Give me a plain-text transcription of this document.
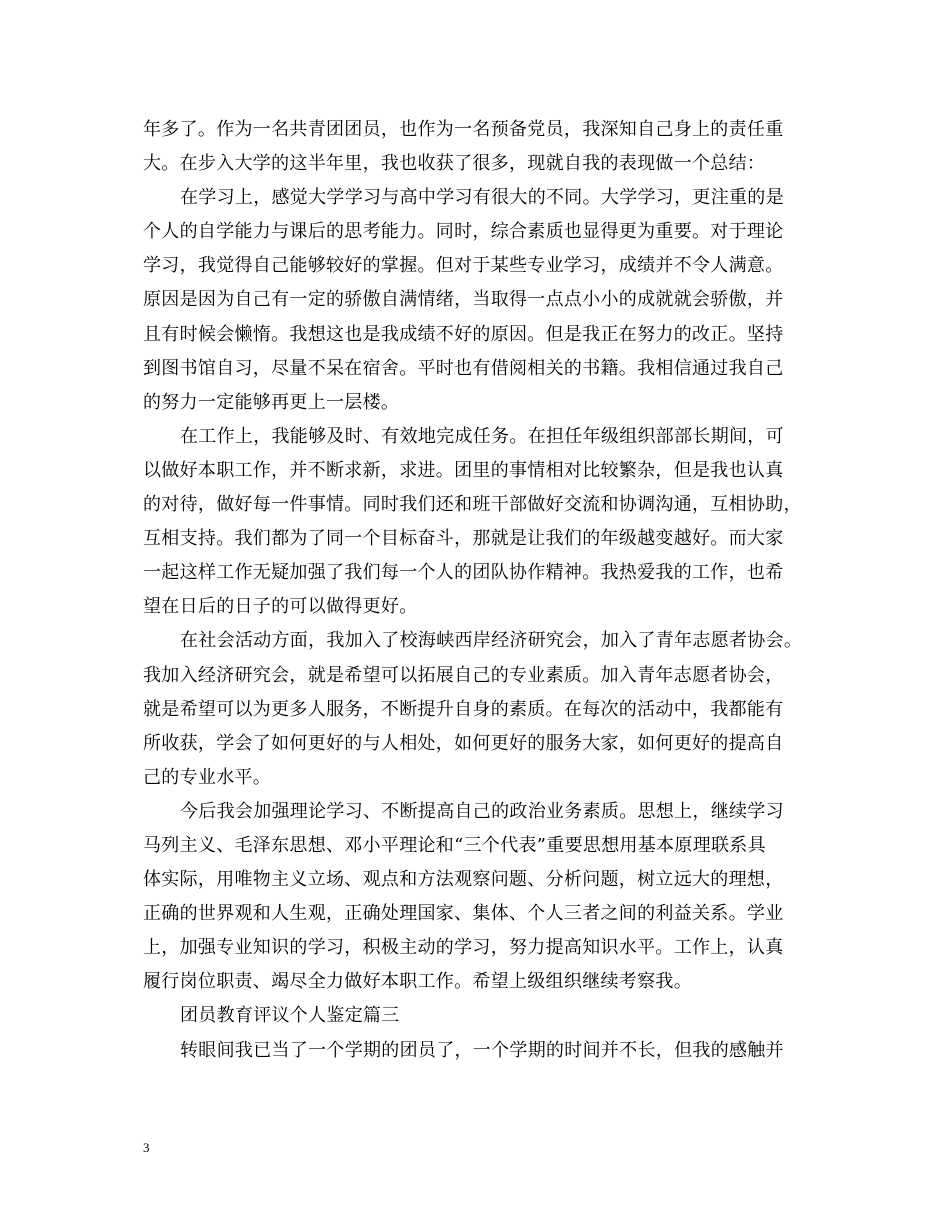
年多了。作为一名共青团团员，也作为一名预备党员，我深知自己身上的责任重
大。在步入大学的这半年里，我也收获了很多，现就自我的表现做一个总结：
在学习上，感觉大学学习与高中学习有很大的不同。大学学习，更注重的是
个人的自学能力与课后的思考能力。同时，综合素质也显得更为重要。对于理论
学习，我觉得自己能够较好的掌握。但对于某些专业学习，成绩并不令人满意。
原因是因为自己有一定的骄傲自满情绪，当取得一点点小小的成就就会骄傲，并
且有时候会懒惰。我想这也是我成绩不好的原因。但是我正在努力的改正。坚持
到图书馆自习，尽量不呆在宿舍。平时也有借阅相关的书籍。我相信通过我自己
的努力一定能够再更上一层楼。
在工作上，我能够及时、有效地完成任务。在担任年级组织部部长期间，可
以做好本职工作，并不断求新，求进。团里的事情相对比较繁杂，但是我也认真
的对待，做好每一件事情。同时我们还和班干部做好交流和协调沟通，互相协助，
互相支持。我们都为了同一个目标奋斗，那就是让我们的年级越变越好。而大家
一起这样工作无疑加强了我们每一个人的团队协作精神。我热爱我的工作，也希
望在日后的日子的可以做得更好。
在社会活动方面，我加入了校海峡西岸经济研究会，加入了青年志愿者协会。
我加入经济研究会，就是希望可以拓展自己的专业素质。加入青年志愿者协会，
就是希望可以为更多人服务，不断提升自身的素质。在每次的活动中，我都能有
所收获，学会了如何更好的与人相处，如何更好的服务大家，如何更好的提高自
己的专业水平。
今后我会加强理论学习、不断提高自己的政治业务素质。思想上，继续学习
马列主义、毛泽东思想、邓小平理论和“三个代表”重要思想用基本原理联系具
体实际，用唯物主义立场、观点和方法观察问题、分析问题，树立远大的理想，
正确的世界观和人生观，正确处理国家、集体、个人三者之间的利益关系。学业
上，加强专业知识的学习，积极主动的学习，努力提高知识水平。工作上，认真
履行岗位职责、竭尽全力做好本职工作。希望上级组织继续考察我。
团员教育评议个人鉴定篇三
转眼间我已当了一个学期的团员了，一个学期的时间并不长，但我的感触并
3
